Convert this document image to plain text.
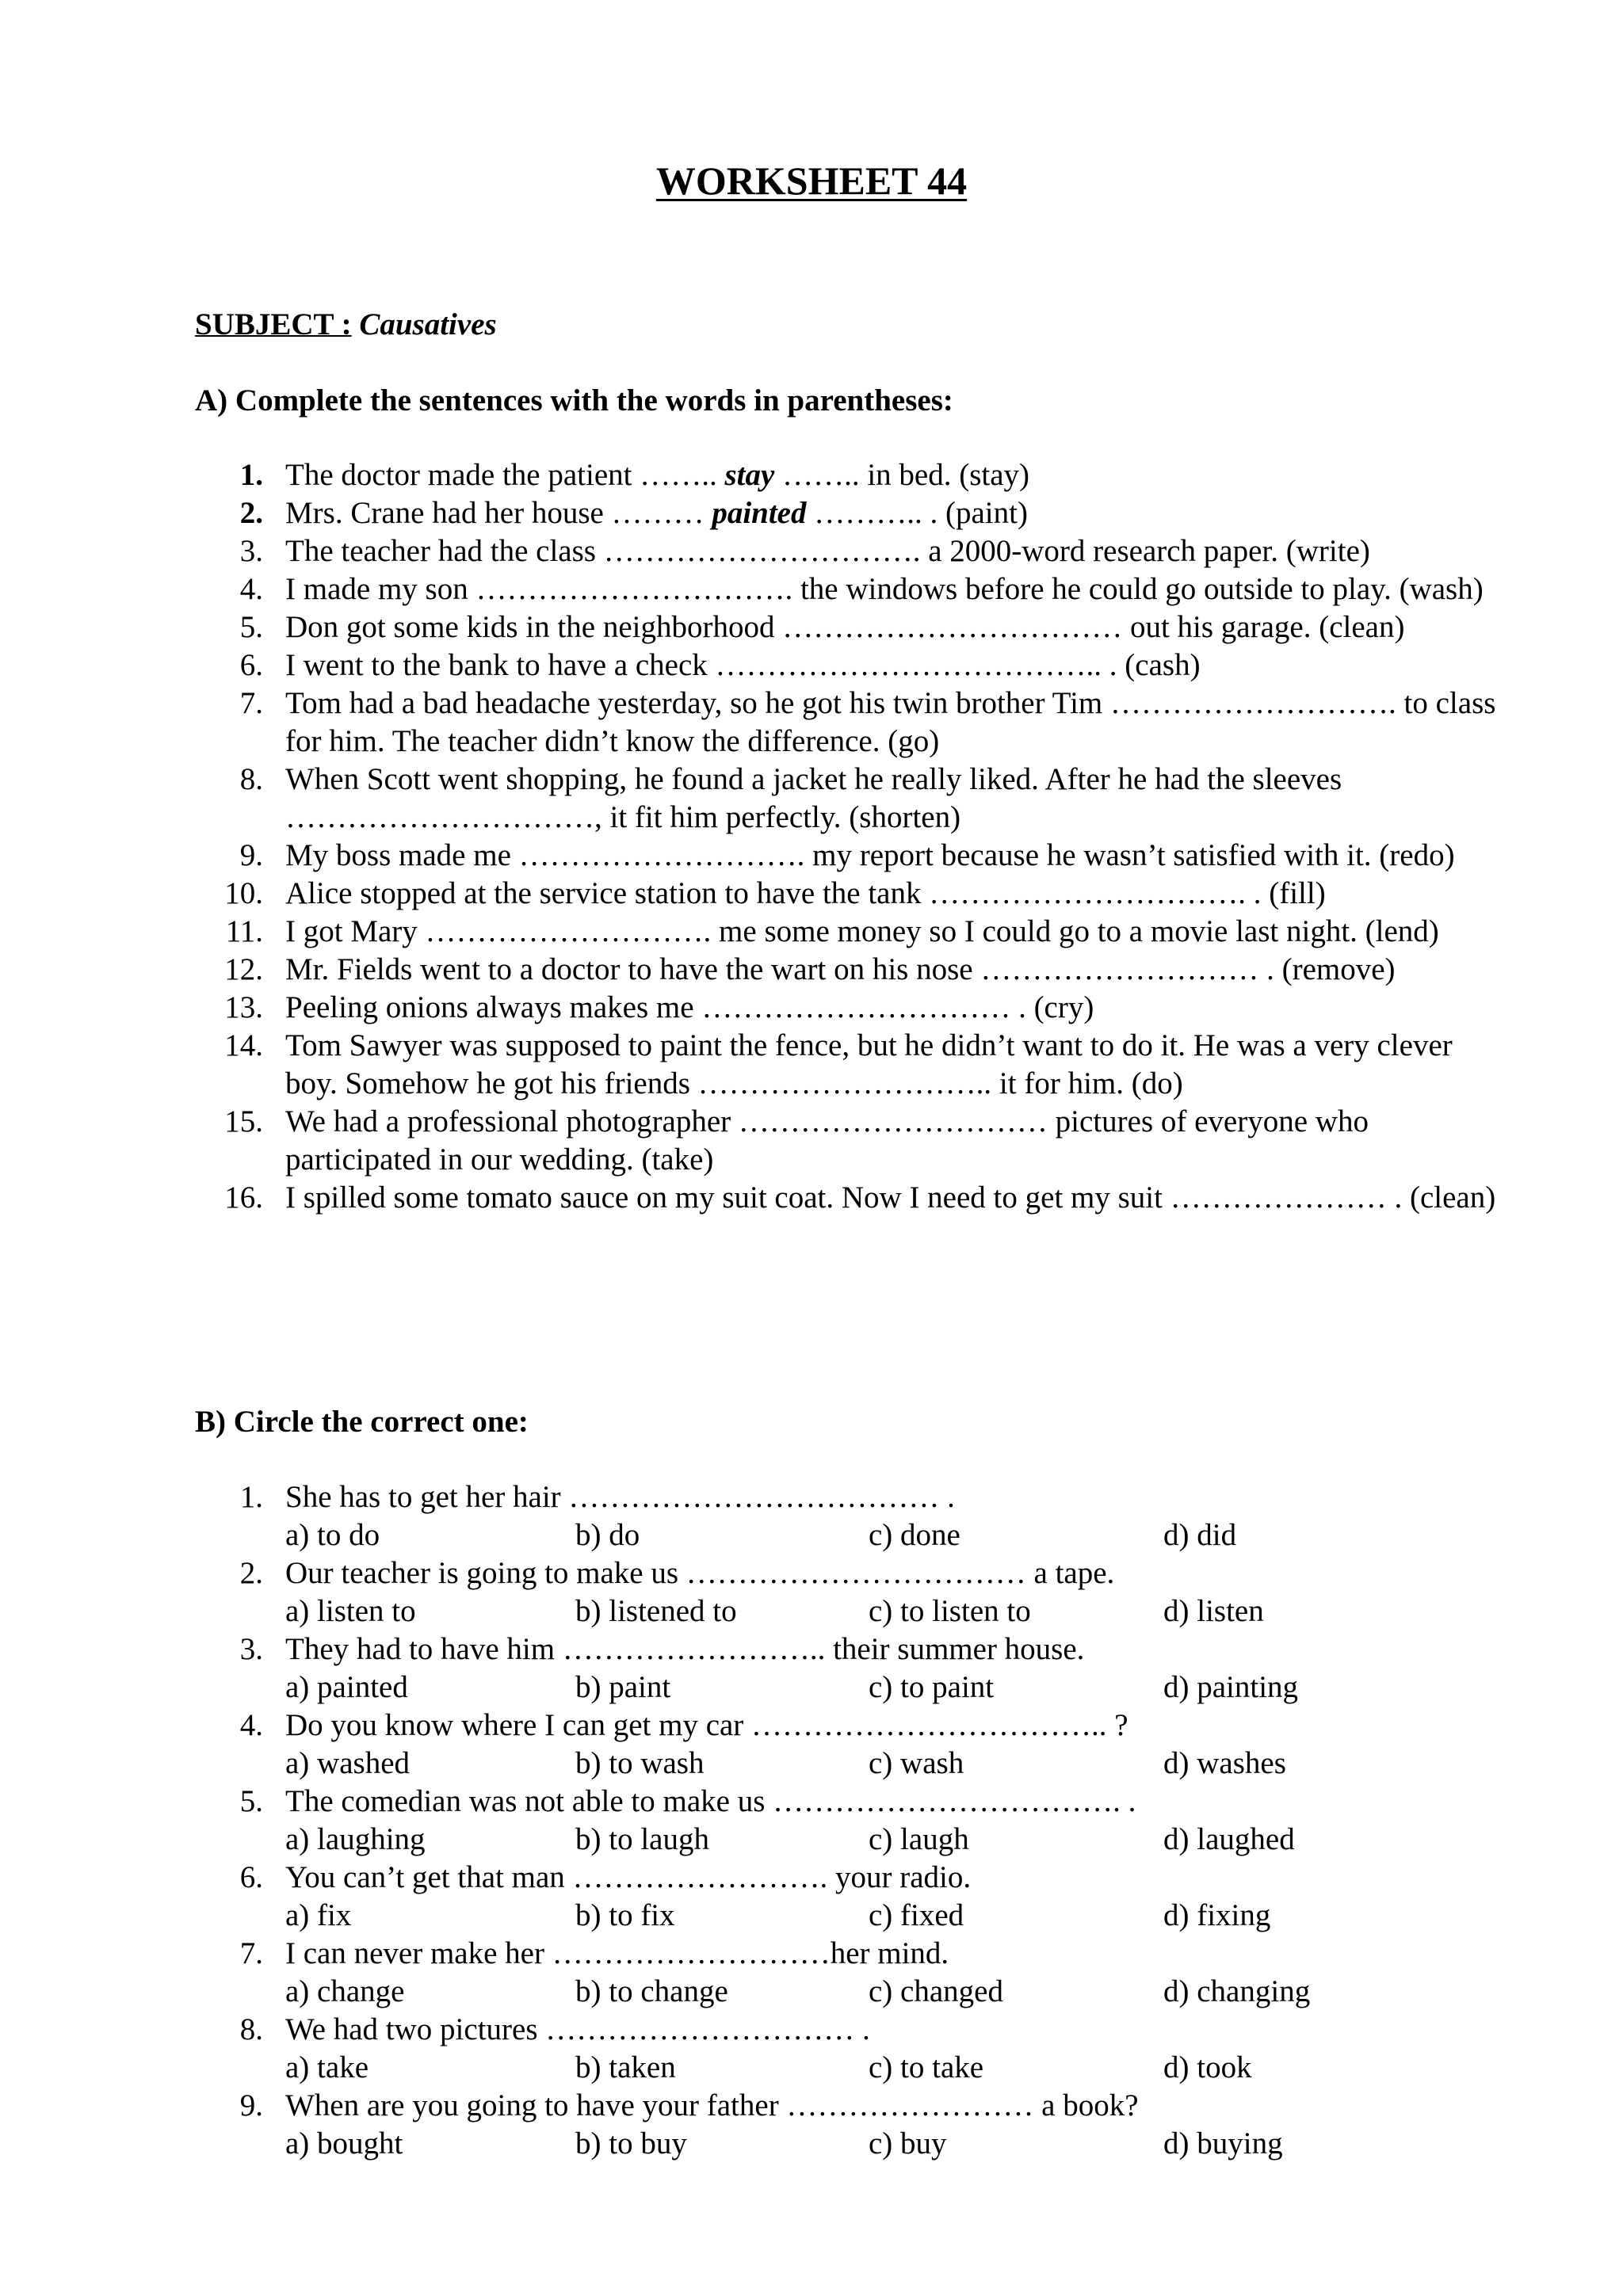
WORKSHEET 44
SUBJECT : Causatives
A) Complete the sentences with the words in parentheses:
1. The doctor made the patient …….. stay …….. in bed. (stay)
2. Mrs. Crane had her house ……… painted ……….. . (paint)
3. The teacher had the class …………………………. a 2000-word research paper. (write)
4. I made my son …………………………. the windows before he could go outside to play. (wash)
5. Don got some kids in the neighborhood …………………………… out his garage. (clean)
6. I went to the bank to have a check ……………………………….. . (cash)
7. Tom had a bad headache yesterday, so he got his twin brother Tim ………………………. to class for him. The teacher didn’t know the difference. (go)
8. When Scott went shopping, he found a jacket he really liked. After he had the sleeves …………………………, it fit him perfectly. (shorten)
9. My boss made me ………………………. my report because he wasn’t satisfied with it. (redo)
10. Alice stopped at the service station to have the tank …………………………. . (fill)
11. I got Mary ………………………. me some money so I could go to a movie last night. (lend)
12. Mr. Fields went to a doctor to have the wart on his nose ……………………… . (remove)
13. Peeling onions always makes me ………………………… . (cry)
14. Tom Sawyer was supposed to paint the fence, but he didn’t want to do it. He was a very clever boy. Somehow he got his friends ……………………….. it for him. (do)
15. We had a professional photographer ………………………… pictures of everyone who participated in our wedding. (take)
16. I spilled some tomato sauce on my suit coat. Now I need to get my suit ………………… . (clean)
B) Circle the correct one:
1. She has to get her hair ……………………………… .
a) to do	b) do	c) done	d) did
2. Our teacher is going to make us …………………………… a tape.
a) listen to	b) listened to	c) to listen to	d) listen
3. They had to have him …………………….. their summer house.
a) painted	b) paint	c) to paint	d) painting
4. Do you know where I can get my car …………………………….. ?
a) washed	b) to wash	c) wash	d) washes
5. The comedian was not able to make us ……………………………. .
a) laughing	b) to laugh	c) laugh	d) laughed
6. You can’t get that man ……………………. your radio.
a) fix	b) to fix	c) fixed	d) fixing
7. I can never make her ………………………her mind.
a) change	b) to change	c) changed	d) changing
8. We had two pictures ………………………… .
a) take	b) taken	c) to take	d) took
9. When are you going to have your father …………………… a book?
a) bought	b) to buy	c) buy	d) buying
